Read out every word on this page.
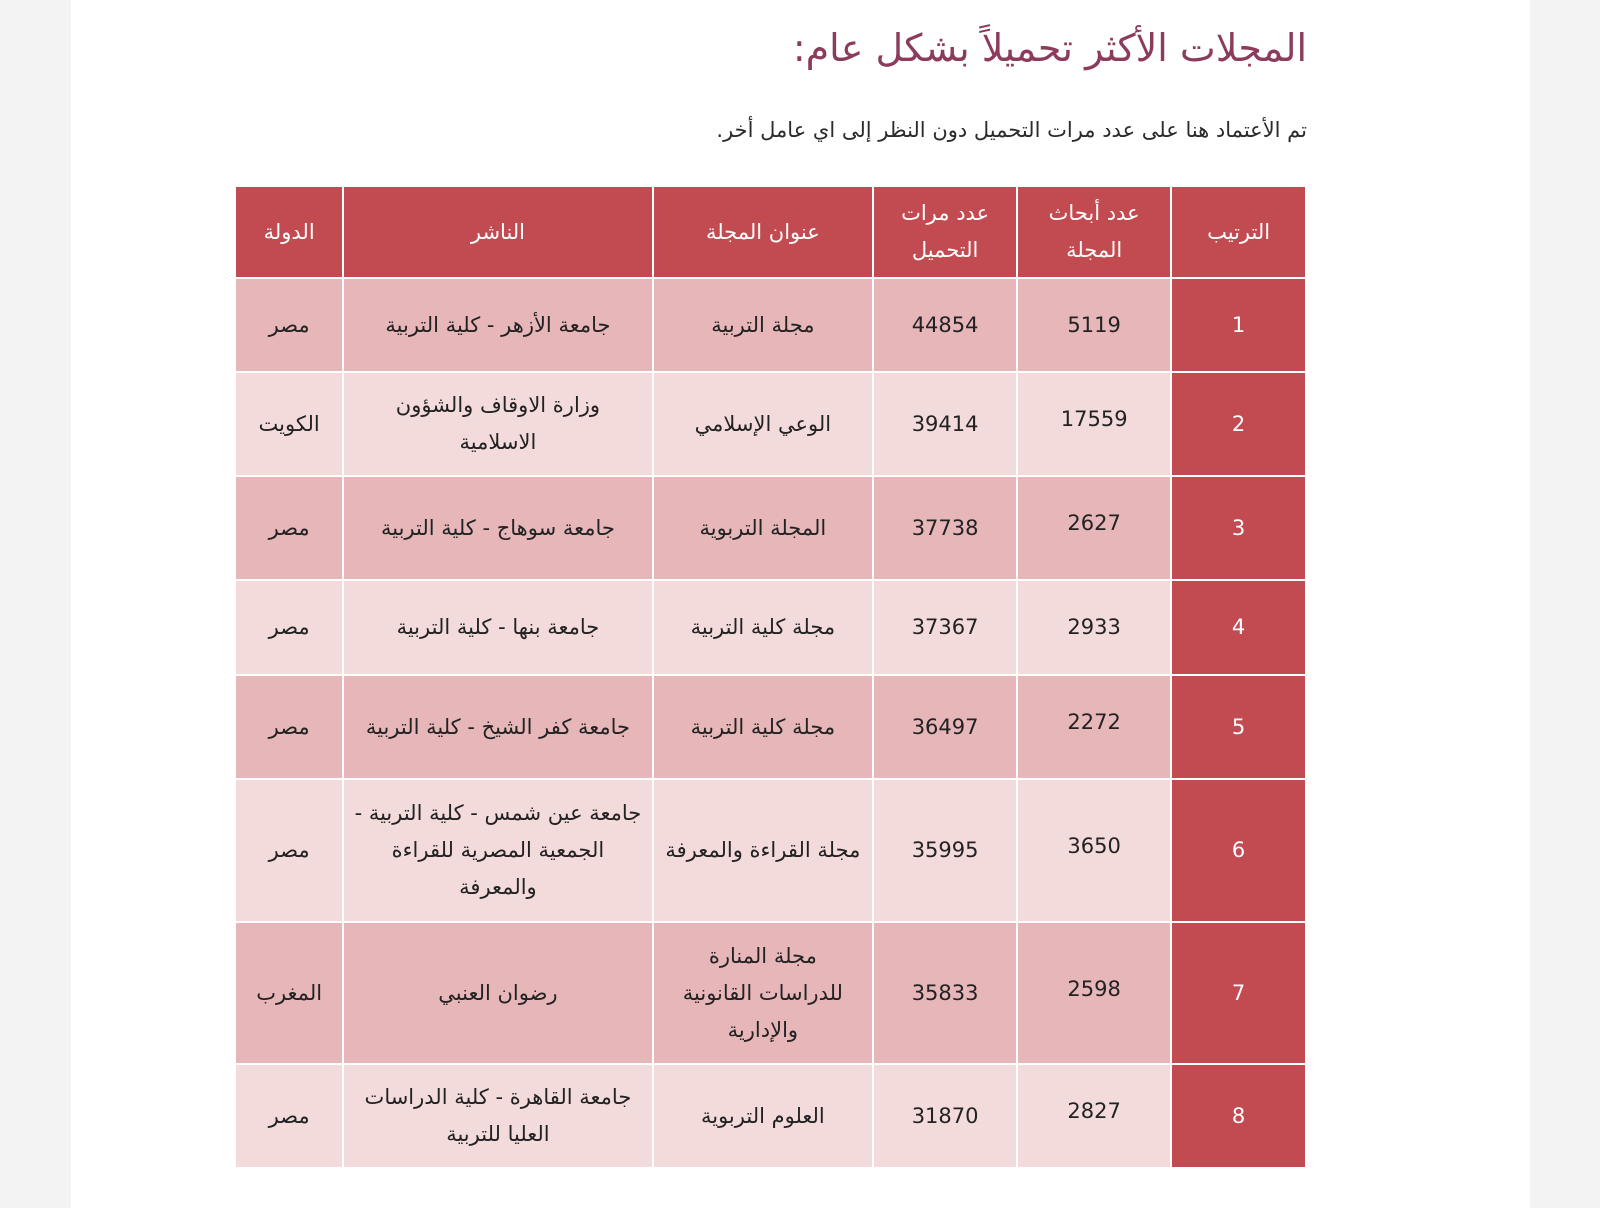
المجلات الأكثر تحميلاً بشكل عام:

تم الأعتماد هنا على عدد مرات التحميل دون النظر إلى اي عامل أخر.

الترتيب	عدد أبحاث المجلة	عدد مرات التحميل	عنوان المجلة	الناشر	الدولة
1	5119	44854	مجلة التربية	جامعة الأزهر - كلية التربية	مصر
2	17559	39414	الوعي الإسلامي	وزارة الاوقاف والشؤون الاسلامية	الكويت
3	2627	37738	المجلة التربوية	جامعة سوهاج - كلية التربية	مصر
4	2933	37367	مجلة كلية التربية	جامعة بنها - كلية التربية	مصر
5	2272	36497	مجلة كلية التربية	جامعة كفر الشيخ - كلية التربية	مصر
6	3650	35995	مجلة القراءة والمعرفة	جامعة عين شمس - كلية التربية - الجمعية المصرية للقراءة والمعرفة	مصر
7	2598	35833	مجلة المنارة للدراسات القانونية والإدارية	رضوان العنبي	المغرب
8	2827	31870	العلوم التربوية	جامعة القاهرة - كلية الدراسات العليا للتربية	مصر
